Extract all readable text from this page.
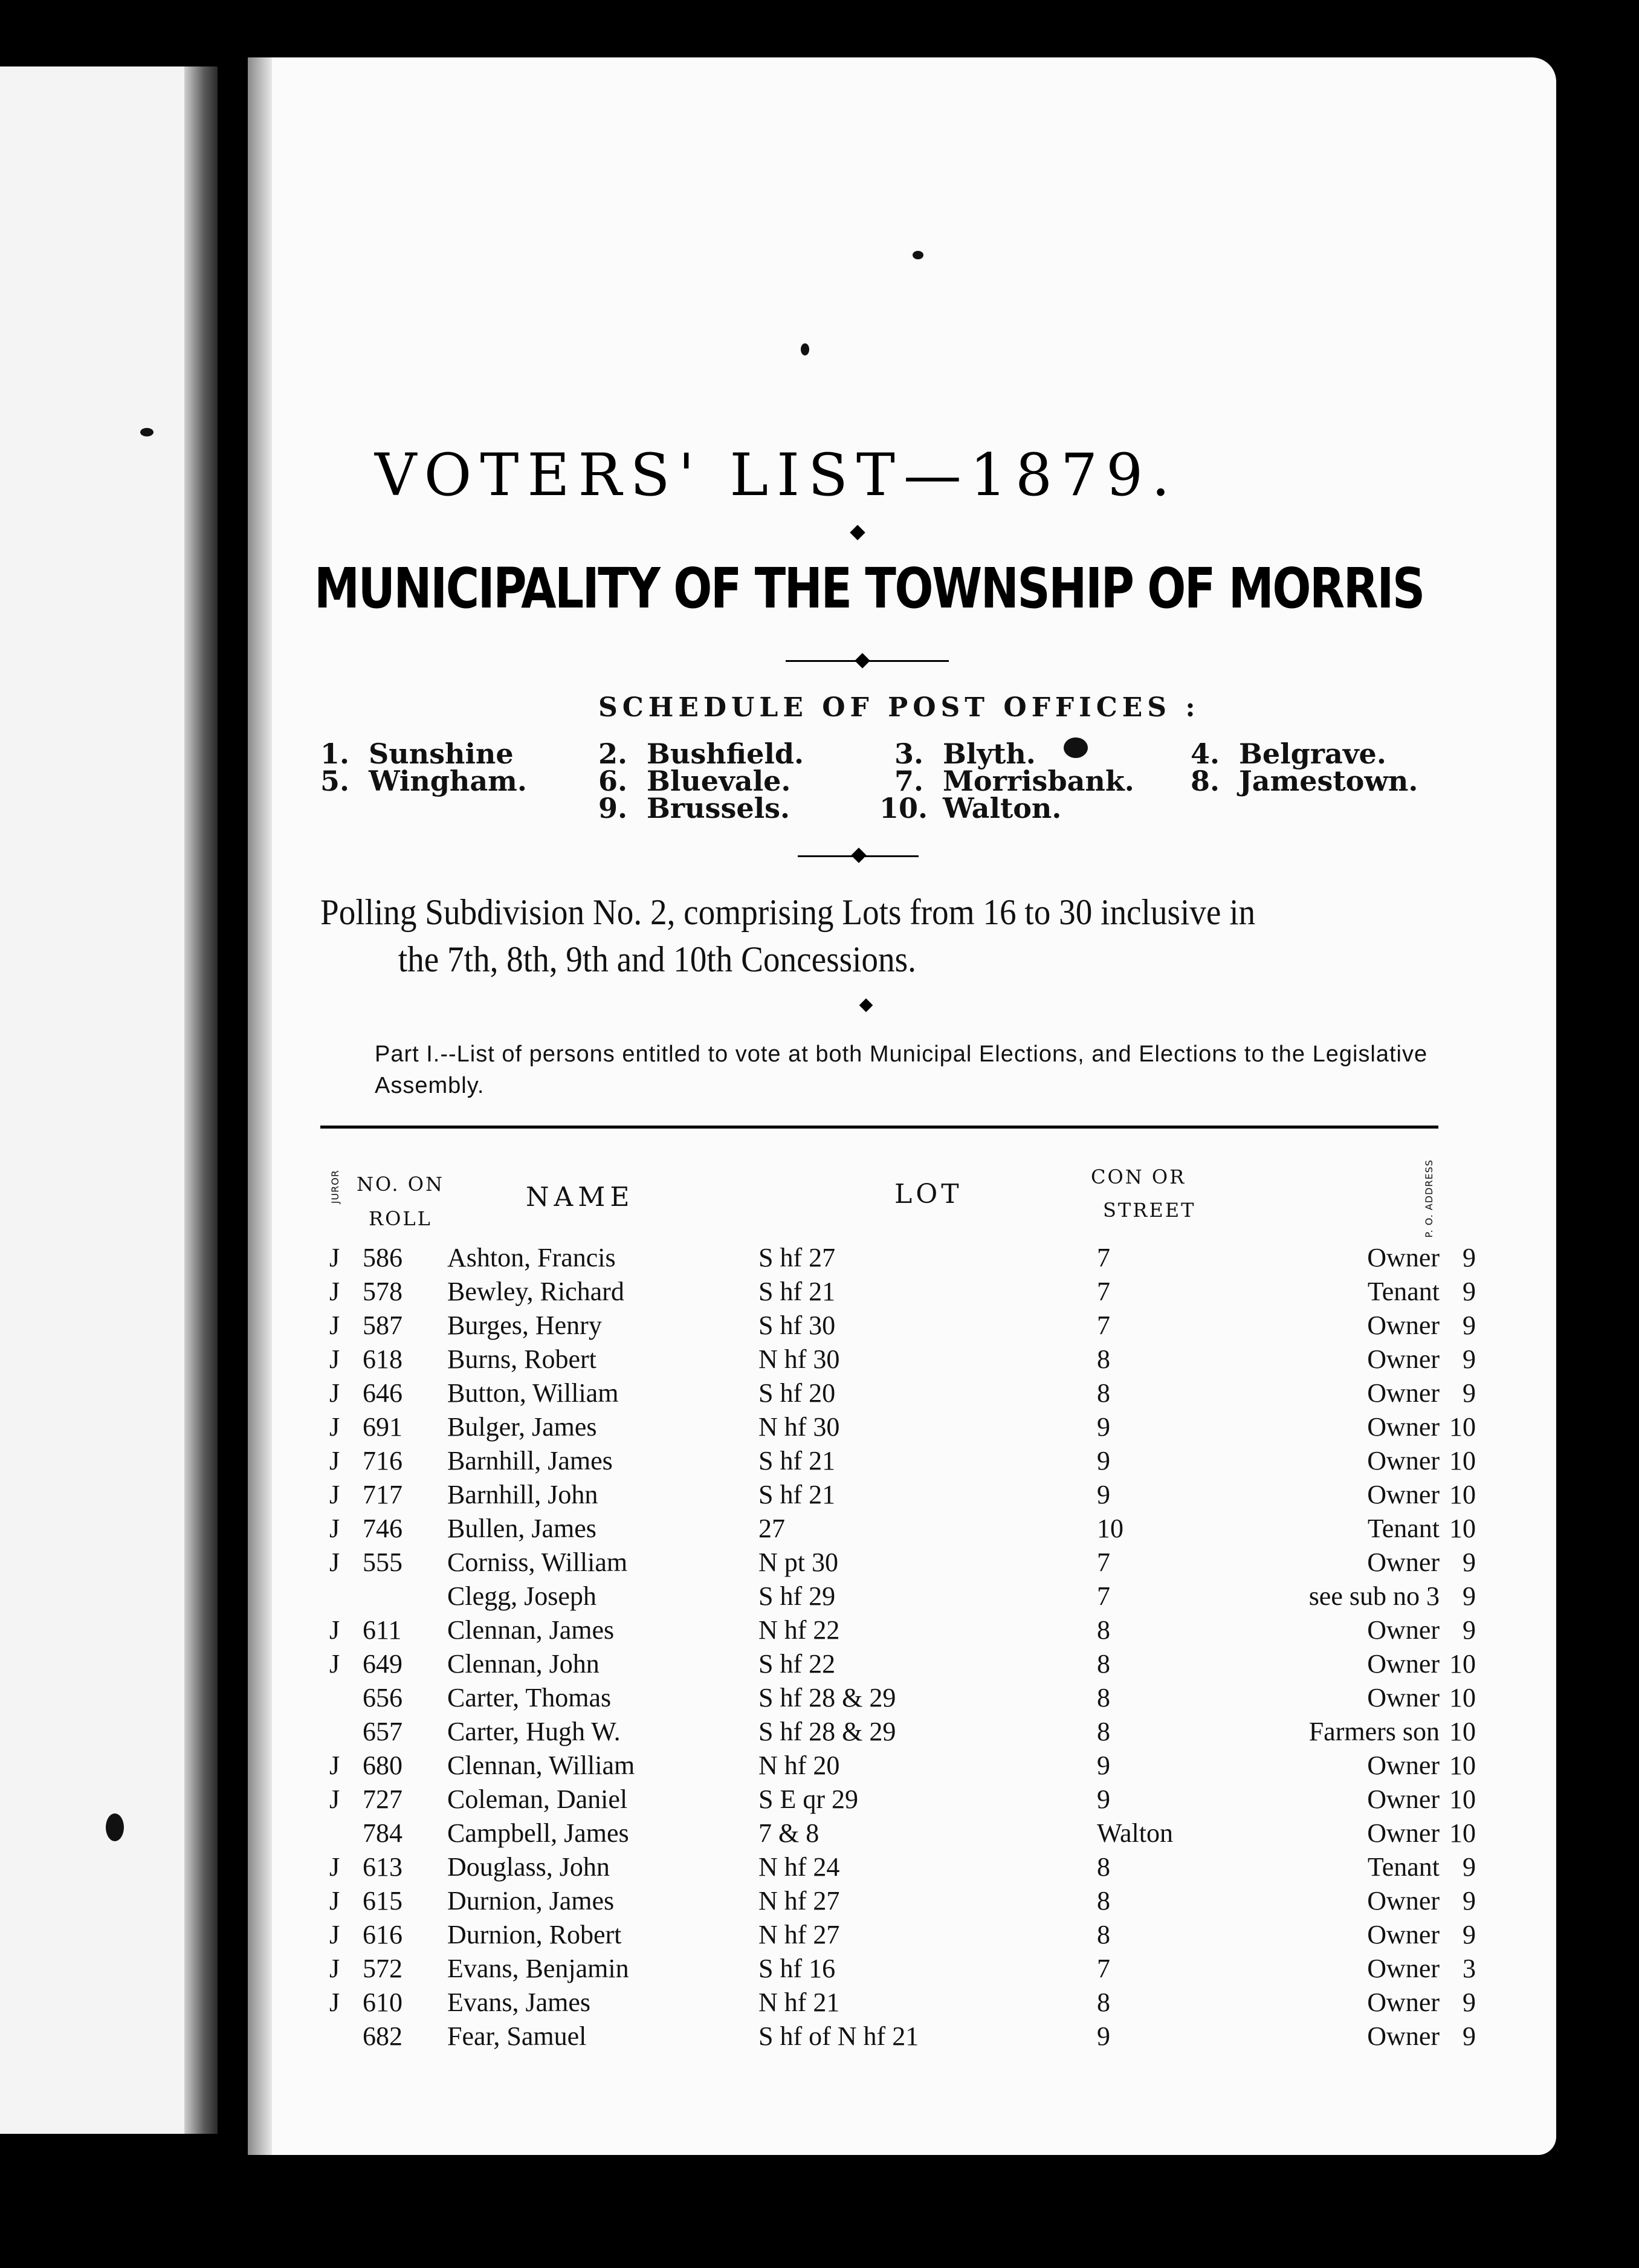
VOTERS' LIST—1879.
MUNICIPALITY OF THE TOWNSHIP OF MORRIS
SCHEDULE OF POST OFFICES :
1. Sunshine	2. Bushfield.	3. Blyth.	4. Belgrave.
5. Wingham.	6. Bluevale.	7. Morrisbank. 8. Jamestown.
9. Brussels.	10. Walton.
Polling Subdivision No. 2, comprising Lots from 16 to 30 inclusive in
the 7th, 8th, 9th and 10th Concessions.
Part I.--List of persons entitled to vote at both Municipal Elections, and Elections to the Legislative Assembly.
JUROR NO. ON
ROLL
NAME	LOT
CON OR
STREET	P. O. ADDRESS
J 586 Ashton, Francis	S hf 27	7	Owner 9
J 578 Bewley, Richard	S hf 21	7	Tenant 9
J 587 Burges, Henry	S hf 30	7	Owner 9
J 618 Burns, Robert	N hf 30	8	Owner 9
J 646 Button, William	S hf 20	8	Owner 9
J 691 Bulger, James	N hf 30	9	Owner 10
J 716 Barnhill, James	S hf 21	9	Owner 10
J 717 Barnhill, John	S hf 21	9	Owner 10
J 746 Bullen, James	27	10	Tenant 10
J 555 Corniss, William	N pt 30	7	Owner 9
Clegg, Joseph	S hf 29	7	see sub no 3 9
J 611 Clennan, James	N hf 22	8	Owner 9
J 649 Clennan, John	S hf 22	8	Owner 10
656 Carter, Thomas	S hf 28 & 29	8	Owner 10
657 Carter, Hugh W.	S hf 28 & 29	8	Farmers son 10
J 680 Clennan, William	N hf 20	9	Owner 10
J 727 Coleman, Daniel	S E qr 29	9	Owner 10
784 Campbell, James	7 & 8	Walton	Owner 10
J 613 Douglass, John	N hf 24	8	Tenant 9
J 615 Durnion, James	N hf 27	8	Owner 9
J 616 Durnion, Robert	N hf 27	8	Owner 9
J 572 Evans, Benjamin	S hf 16	7	Owner 3
J 610 Evans, James	N hf 21	8	Owner 9
682 Fear, Samuel	S hf of N hf 21	9	Owner 9
